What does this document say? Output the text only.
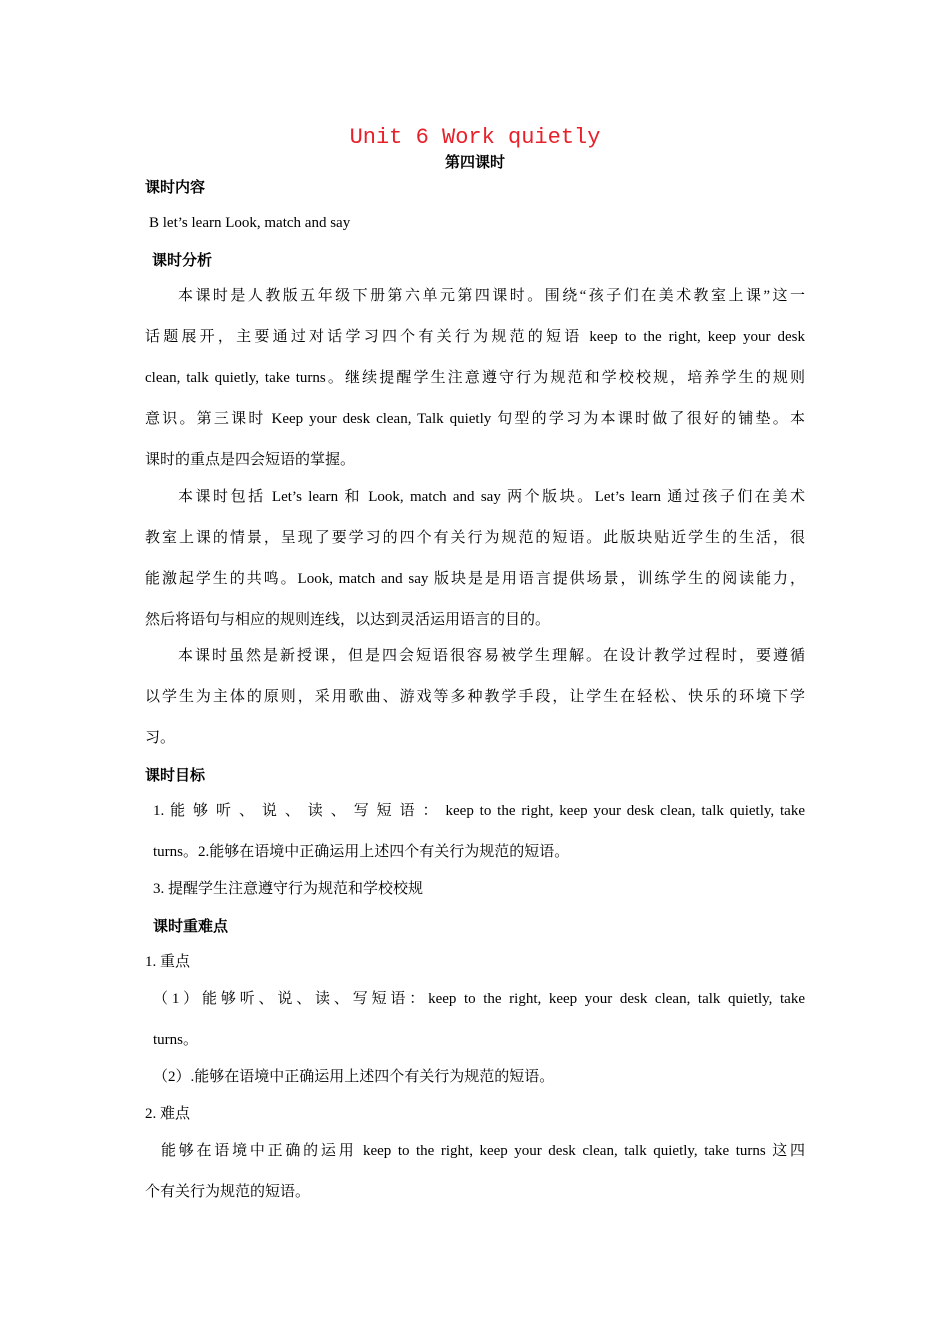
Unit 6 Work quietly
第四课时
课时内容
B let’s learn Look, match and say
课时分析
本课时是人教版五年级下册第六单元第四课时。围绕“孩子们在美术教室上课”这一
话题展开，主要通过对话学习四个有关行为规范的短语 keep to the right, keep your desk
clean, talk quietly, take turns。继续提醒学生注意遵守行为规范和学校校规，培养学生的规则
意识。第三课时 Keep your desk clean, Talk quietly 句型的学习为本课时做了很好的铺垫。本
课时的重点是四会短语的掌握。
本课时包括 Let’s learn 和 Look, match and say 两个版块。Let’s learn 通过孩子们在美术
教室上课的情景，呈现了要学习的四个有关行为规范的短语。此版块贴近学生的生活，很
能激起学生的共鸣。Look, match and say 版块是是用语言提供场景，训练学生的阅读能力，
然后将语句与相应的规则连线，以达到灵活运用语言的目的。
本课时虽然是新授课，但是四会短语很容易被学生理解。在设计教学过程时，要遵循
以学生为主体的原则，采用歌曲、游戏等多种教学手段，让学生在轻松、快乐的环境下学
习。
课时目标
1. 能 够 听 、 说 、 读 、 写 短 语 ： keep to the right, keep your desk clean, talk quietly, take
turns。2.能够在语境中正确运用上述四个有关行为规范的短语。
3. 提醒学生注意遵守行为规范和学校校规
课时重难点
1. 重点
（1）能够听、说、读、写短语：keep to the right, keep your desk clean, talk quietly, take
turns。
（2）.能够在语境中正确运用上述四个有关行为规范的短语。
2. 难点
能够在语境中正确的运用 keep to the right, keep your desk clean, talk quietly, take turns 这四
个有关行为规范的短语。
